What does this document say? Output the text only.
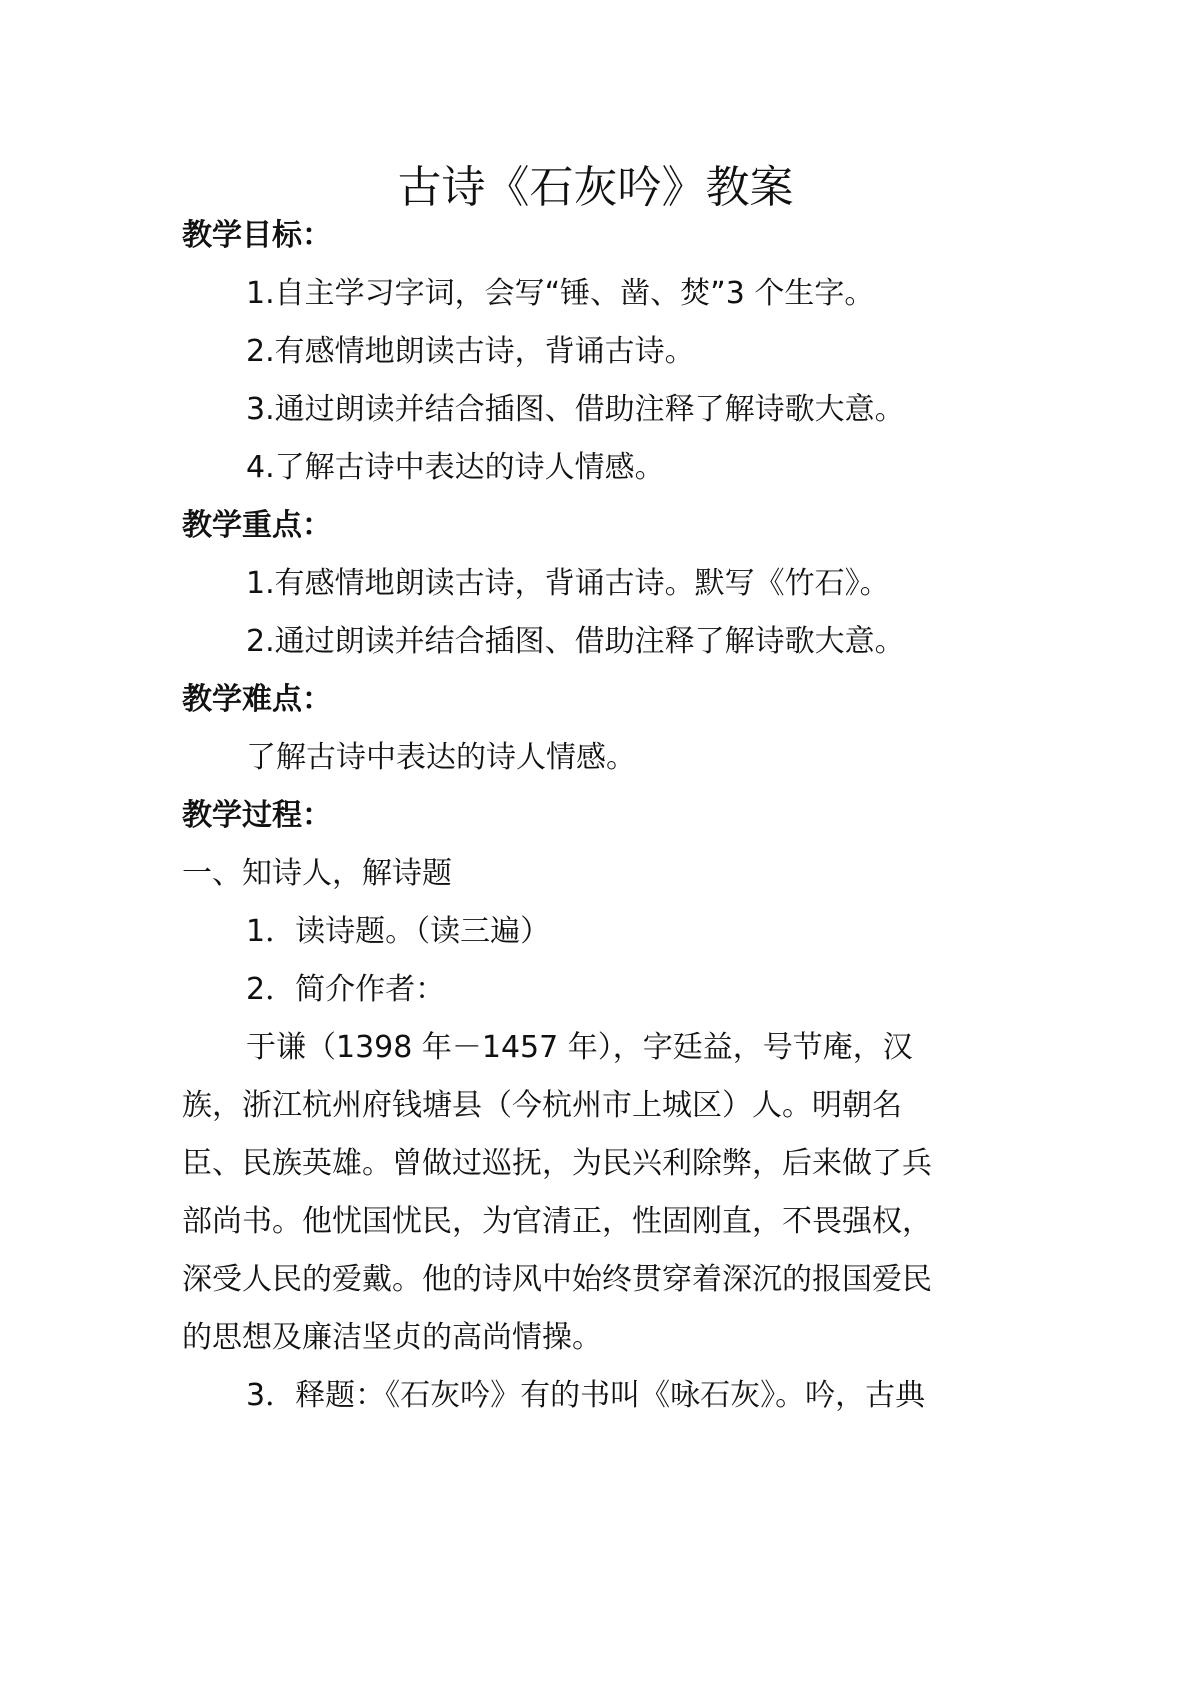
古诗《石灰吟》教案

教学目标：

1.自主学习字词，会写“锤、凿、焚”3 个生字。

2.有感情地朗读古诗，背诵古诗。

3.通过朗读并结合插图、借助注释了解诗歌大意。

4.了解古诗中表达的诗人情感。

教学重点：

1.有感情地朗读古诗，背诵古诗。默写《竹石》。

2.通过朗读并结合插图、借助注释了解诗歌大意。

教学难点：

了解古诗中表达的诗人情感。

教学过程：

一、知诗人，解诗题

1．读诗题。（读三遍）

2．简介作者：

于谦（1398 年－1457 年），字廷益，号节庵，汉

族，浙江杭州府钱塘县（今杭州市上城区）人。明朝名

臣、民族英雄。曾做过巡抚，为民兴利除弊，后来做了兵

部尚书。他忧国忧民，为官清正，性固刚直，不畏强权，

深受人民的爱戴。他的诗风中始终贯穿着深沉的报国爱民

的思想及廉洁坚贞的高尚情操。

3．释题：《石灰吟》有的书叫《咏石灰》。吟，古典
